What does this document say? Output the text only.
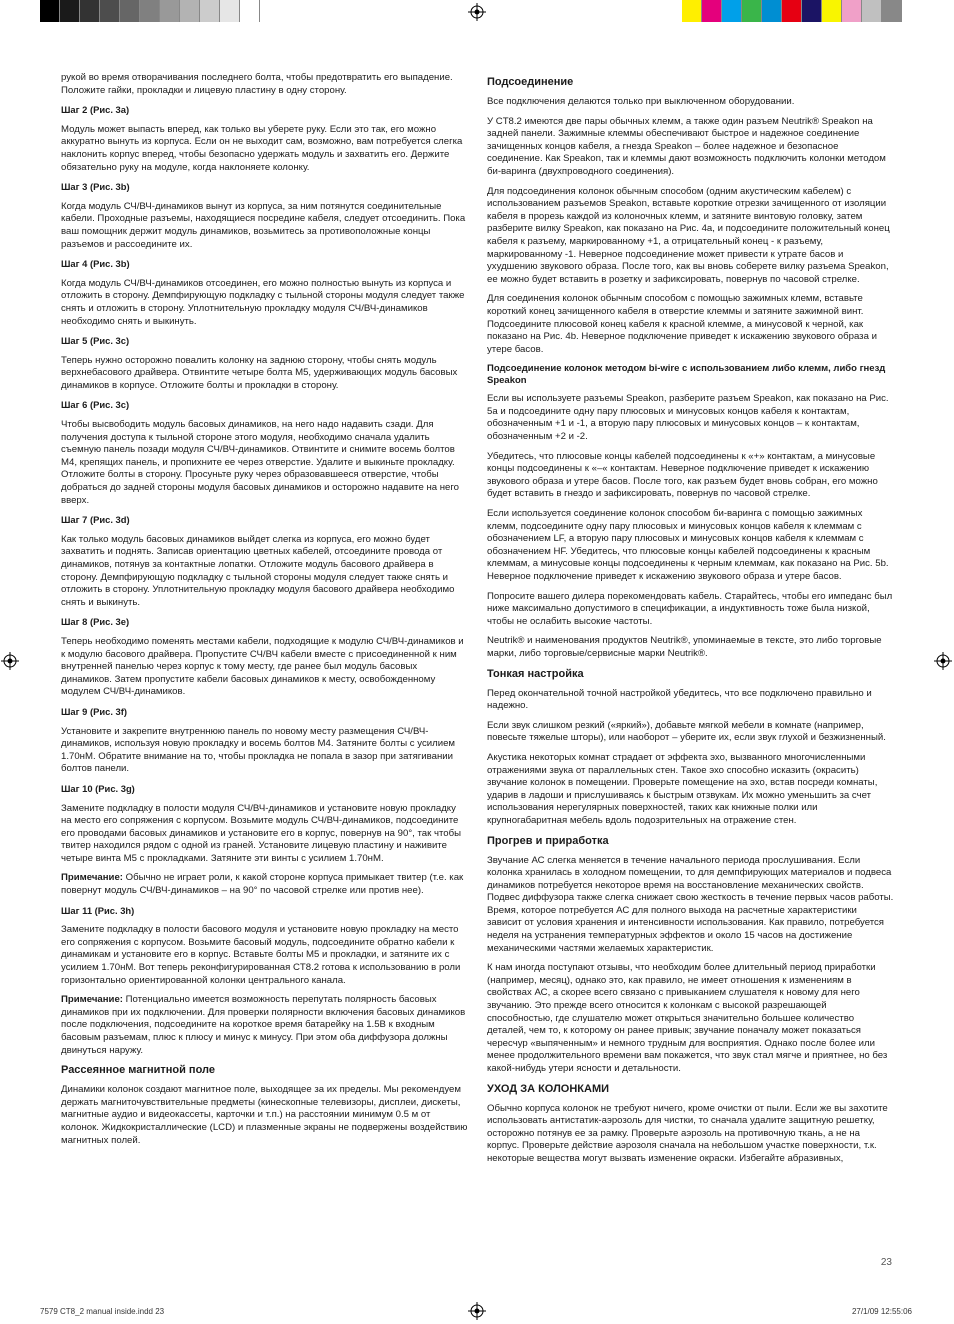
рукой во время отворачивания последнего болта, чтобы предотвратить его выпадение. Положите гайки, прокладки и лицевую пластину в одну сторону.

Шаг 2 (Рис. 3a)

Модуль может выпасть вперед, как только вы уберете руку. Если это так, его можно аккуратно вынуть из корпуса. Если он не выходит сам, возможно, вам потребуется слегка наклонить корпус вперед, чтобы безопасно удержать модуль и захватить его. Держите обязательно руку на модуле, когда наклоняете колонку.

Шаг 3 (Рис. 3b)

Когда модуль СЧ/ВЧ-динамиков вынут из корпуса, за ним потянутся соединительные кабели. Проходные разъемы, находящиеся посредине кабеля, следует отсоединить. Пока ваш помощник держит модуль динамиков, возьмитесь за противоположные концы разъемов и рассоедините их.

Шаг 4 (Рис. 3b)

Когда модуль СЧ/ВЧ-динамиков отсоединен, его можно полностью вынуть из корпуса и отложить в сторону. Демпфирующую подкладку с тыльной стороны модуля следует также снять и отложить в сторону. Уплотнительную прокладку модуля СЧ/ВЧ-динамиков необходимо снять и выкинуть.

Шаг 5 (Рис. 3c)

Теперь нужно осторожно повалить колонку на заднюю сторону, чтобы снять модуль верхнебасового драйвера. Отвинтите четыре болта M5, удерживающих модуль басовых динамиков в корпусе. Отложите болты и прокладки в сторону.

Шаг 6 (Рис. 3c)

Чтобы высвободить модуль басовых динамиков, на него надо надавить сзади. Для получения доступа к тыльной стороне этого модуля, необходимо сначала удалить съемную панель позади модуля СЧ/ВЧ-динамиков. Отвинтите и снимите восемь болтов M4, крепящих панель, и пропихните ее через отверстие. Удалите и выкиньте прокладку. Отложите болты в сторону. Просуньте руку через образовавшееся отверстие, чтобы добраться до задней стороны модуля басовых динамиков и осторожно надавите на него вверх.

Шаг 7 (Рис. 3d)

Как только модуль басовых динамиков выйдет слегка из корпуса, его можно будет захватить и поднять. Записав ориентацию цветных кабелей, отсоедините провода от динамиков, потянув за контактные лопатки. Отложите модуль басового драйвера в сторону. Демпфирующую подкладку с тыльной стороны модуля следует также снять и отложить в сторону. Уплотнительную прокладку модуля басового драйвера необходимо снять и выкинуть.

Шаг 8 (Рис. 3e)

Теперь необходимо поменять местами кабели, подходящие к модулю СЧ/ВЧ-динамиков и к модулю басового драйвера. Пропустите СЧ/ВЧ кабели вместе с присоединенной к ним внутренней панелью через корпус к тому месту, где ранее был модуль басовых динамиков. Затем пропустите кабели басовых динамиков к месту, освобожденному модулем СЧ/ВЧ-динамиков.

Шаг 9 (Рис. 3f)

Установите и закрепите внутреннюю панель по новому месту размещения СЧ/ВЧ-динамиков, используя новую прокладку и восемь болтов M4. Затяните болты с усилием 1.70нМ. Обратите внимание на то, чтобы прокладка не попала в зазор при затягивании болтов панели.

Шаг 10 (Рис. 3g)

Замените подкладку в полости модуля СЧ/ВЧ-динамиков и установите новую прокладку на место его сопряжения с корпусом. Возьмите модуль СЧ/ВЧ-динамиков, подсоедините его проводами басовых динамиков и установите его в корпус, повернув на 90°, так чтобы твитер находился рядом с одной из граней. Установите лицевую пластину и наживите четыре винта M5 с прокладками. Затяните эти винты с усилием 1.70нМ.

Примечание: Обычно не играет роли, к какой стороне корпуса примыкает твитер (т.е. как повернут модуль СЧ/ВЧ-динамиков – на 90° по часовой стрелке или против нее).

Шаг 11 (Рис. 3h)

Замените подкладку в полости басового модуля и установите новую прокладку на место его сопряжения с корпусом. Возьмите басовый модуль, подсоедините обратно кабели к динамикам и установите его в корпус. Вставьте болты M5 и прокладки, и затяните их с усилием 1.70нМ. Вот теперь реконфигурированная CT8.2 готова к использованию в роли горизонтально ориентированной колонки центрального канала.

Примечание: Потенциально имеется возможность перепутать полярность басовых динамиков при их подключении. Для проверки полярности включения басовых динамиков после подключения, подсоедините на короткое время батарейку на 1.5В к входным басовым разъемам, плюс к плюсу и минус к минусу. При этом оба диффузора должны двинуться наружу.

Рассеянное магнитной поле

Динамики колонок создают магнитное поле, выходящее за их пределы. Мы рекомендуем держать магниточувствительные предметы (кинескопные телевизоры, дисплеи, дискеты, магнитные аудио и видеокассеты, карточки и т.п.) на расстоянии минимум 0.5 м от колонок. Жидкокристаллические (LCD) и плазменные экраны не подвержены воздействию магнитных полей.

Подсоединение

Все подключения делаются только при выключенном оборудовании.

У CT8.2 имеются две пары обычных клемм, а также один разъем Neutrik® Speakon на задней панели. Зажимные клеммы обеспечивают быстрое и надежное соединение зачищенных концов кабеля, а гнезда Speakon – более надежное и безопасное соединение. Как Speakon, так и клеммы дают возможность подключить колонки методом би-варинга (двухпроводного соединения).

Для подсоединения колонок обычным способом (одним акустическим кабелем) с использованием разъемов Speakon, вставьте короткие отрезки зачищенного от изоляции кабеля в прорезь каждой из колоночных клемм, и затяните винтовую головку, затем разберите вилку Speakon, как показано на Рис. 4a, и подсоедините положительный конец кабеля к разъему, маркированному +1, а отрицательный конец - к разъему, маркированному -1. Неверное подсоединение может привести к утрате басов и ухудшению звукового образа. После того, как вы вновь соберете вилку разъема Speakon, ее можно будет вставить в розетку и зафиксировать, повернув по часовой стрелке.

Для соединения колонок обычным способом с помощью зажимных клемм, вставьте короткий конец зачищенного кабеля в отверстие клеммы и затяните зажимной винт. Подсоедините плюсовой конец кабеля к красной клемме, а минусовой к черной, как показано на Рис. 4b. Неверное подключение приведет к искажению звукового образа и утере басов.

Подсоединение колонок методом bi-wire с использованием либо клемм, либо гнезд Speakon

Если вы используете разъемы Speakon, разберите разъем Speakon, как показано на Рис. 5a и подсоедините одну пару плюсовых и минусовых концов кабеля к контактам, обозначенным +1 и -1, а вторую пару плюсовых и минусовых концов – к контактам, обозначенным +2 и -2.

Убедитесь, что плюсовые концы кабелей подсоединены к «+» контактам, а минусовые концы подсоединены к «–« контактам. Неверное подключение приведет к искажению звукового образа и утере басов. После того, как разъем будет вновь собран, его можно будет вставить в гнездо и зафиксировать, повернув по часовой стрелке.

Если используется соединение колонок способом би-варинга с помощью зажимных клемм, подсоедините одну пару плюсовых и минусовых концов кабеля к клеммам с обозначением LF, а вторую пару плюсовых и минусовых концов кабеля к клеммам с обозначением HF. Убедитесь, что плюсовые концы кабелей подсоединены к красным клеммам, а минусовые концы подсоединены к черным клеммам, как показано на Рис. 5b. Неверное подключение приведет к искажению звукового образа и утере басов.

Попросите вашего дилера порекомендовать кабель. Старайтесь, чтобы его импеданс был ниже максимально допустимого в спецификации, а индуктивность тоже была низкой, чтобы не ослабить высокие частоты.

Neutrik® и наименования продуктов Neutrik®, упоминаемые в тексте, это либо торговые марки, либо торговые/сервисные марки Neutrik®.

Тонкая настройка

Перед окончательной точной настройкой убедитесь, что все подключено правильно и надежно.

Если звук слишком резкий («яркий»), добавьте мягкой мебели в комнате (например, повесьте тяжелые шторы), или наоборот – уберите их, если звук глухой и безжизненный.

Акустика некоторых комнат страдает от эффекта эхо, вызванного многочисленными отражениями звука от параллельных стен. Такое эхо способно исказить (окрасить) звучание колонок в помещении. Проверьте помещение на эхо, встав посреди комнаты, ударив в ладоши и прислушиваясь к быстрым отзвукам. Их можно уменьшить за счет использования нерегулярных поверхностей, таких как книжные полки или крупногабаритная мебель вдоль подозрительных на отражение стен.

Прогрев и приработка

Звучание АС слегка меняется в течение начального периода прослушивания. Если колонка хранилась в холодном помещении, то для демпфирующих материалов и подвеса динамиков потребуется некоторое время на восстановление механических свойств. Подвес диффузора также слегка снижает свою жесткость в течение первых часов работы. Время, которое потребуется АС для полного выхода на расчетные характеристики зависит от условия хранения и интенсивности использования. Как правило, потребуется неделя на устранения температурных эффектов и около 15 часов на достижение механическими частями желаемых характеристик.

К нам иногда поступают отзывы, что необходим более длительный период приработки (например, месяц), однако это, как правило, не имеет отношения к изменениям в свойствах АС, а скорее всего связано с привыканием слушателя к новому для него звучанию. Это прежде всего относится к колонкам с высокой разрешающей способностью, где слушателю может открыться значительно большее количество деталей, чем то, к которому он ранее привык; звучание поначалу может показаться чересчур «выпяченным» и немного трудным для восприятия. Однако после более или менее продолжительного времени вам покажется, что звук стал мягче и приятнее, но без какой-нибудь утери ясности и детальности.

УХОД ЗА КОЛОНКАМИ

Обычно корпуса колонок не требуют ничего, кроме очистки от пыли. Если же вы захотите использовать антистатик-аэрозоль для чистки, то сначала удалите защитную решетку, осторожно потянув ее за рамку. Проверьте аэрозоль на противочную ткань, а не на корпус. Проверьте действие аэрозоля сначала на небольшом участке поверхности, т.к. некоторые вещества могут вызвать изменение окраски. Избегайте абразивных,

23
7579 CT8_2 manual inside.indd 23	27/1/09 12:55:06
